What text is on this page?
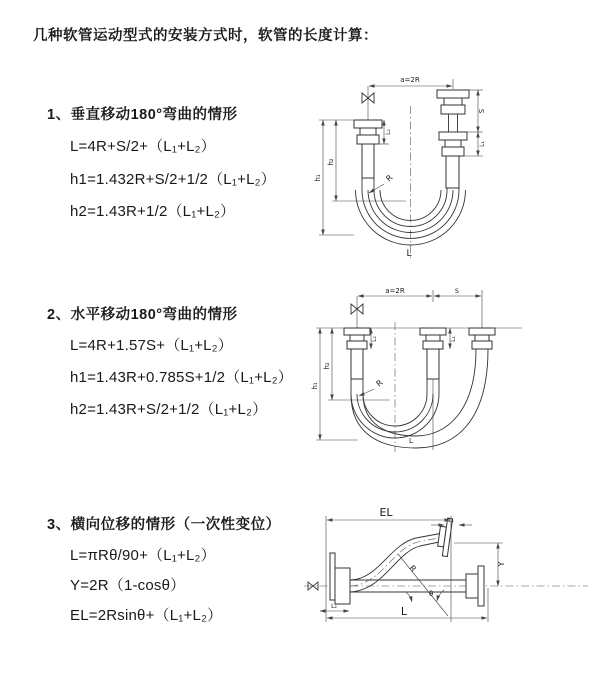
几种软管运动型式的安装方式时，软管的长度计算：
1、垂直移动180°弯曲的情形
L=4R+S/2+（L₁+L₂）
h1=1.432R+S/2+1/2（L₁+L₂）
h2=1.43R+1/2（L₁+L₂）
2、水平移动180°弯曲的情形
L=4R+1.57S+（L₁+L₂）
h1=1.43R+0.785S+1/2（L₁+L₂）
h2=1.43R+S/2+1/2（L₁+L₂）
3、横向位移的情形（一次性变位）
L=πRθ/90+（L₁+L₂）
Y=2R（1-cosθ）
EL=2Rsinθ+（L₁+L₂）
a=2R
h₁
h₂
L₂
S
L₁
R
L
a=2R	S
h₁
h₂
L₂	L₁
R
L
EL
L₁
Y
R
θ
L
L₂
